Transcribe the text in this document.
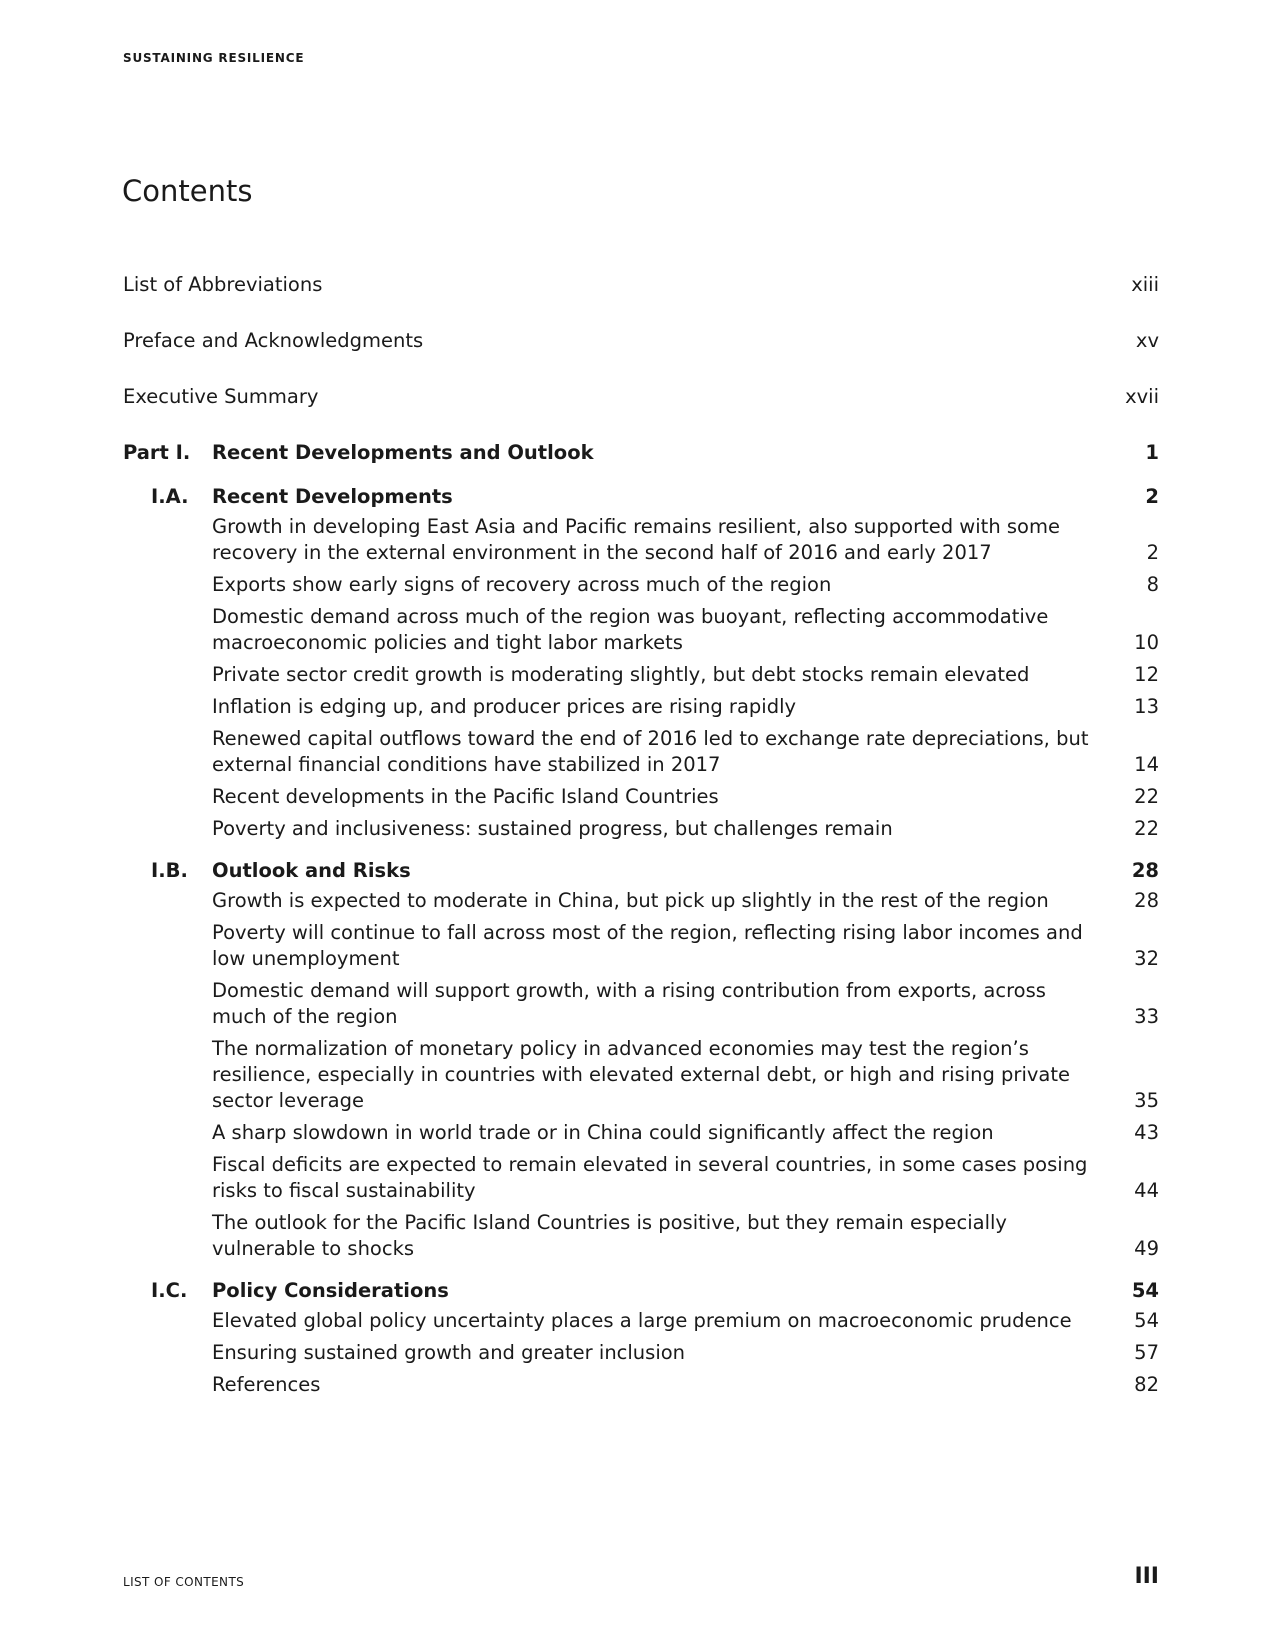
SUSTAINING RESILIENCE
Contents
List of Abbreviations	xiii
Preface and Acknowledgments	xv
Executive Summary	xvii
Part I. Recent Developments and Outlook	1
I.A. Recent Developments	2
Growth in developing East Asia and Pacific remains resilient, also supported with some recovery in the external environment in the second half of 2016 and early 2017	2
Exports show early signs of recovery across much of the region	8
Domestic demand across much of the region was buoyant, reflecting accommodative macroeconomic policies and tight labor markets	10
Private sector credit growth is moderating slightly, but debt stocks remain elevated	12
Inflation is edging up, and producer prices are rising rapidly	13
Renewed capital outflows toward the end of 2016 led to exchange rate depreciations, but external financial conditions have stabilized in 2017	14
Recent developments in the Pacific Island Countries	22
Poverty and inclusiveness: sustained progress, but challenges remain	22
I.B. Outlook and Risks	28
Growth is expected to moderate in China, but pick up slightly in the rest of the region	28
Poverty will continue to fall across most of the region, reflecting rising labor incomes and low unemployment	32
Domestic demand will support growth, with a rising contribution from exports, across much of the region	33
The normalization of monetary policy in advanced economies may test the region’s resilience, especially in countries with elevated external debt, or high and rising private sector leverage	35
A sharp slowdown in world trade or in China could significantly affect the region	43
Fiscal deficits are expected to remain elevated in several countries, in some cases posing risks to fiscal sustainability	44
The outlook for the Pacific Island Countries is positive, but they remain especially vulnerable to shocks	49
I.C. Policy Considerations	54
Elevated global policy uncertainty places a large premium on macroeconomic prudence	54
Ensuring sustained growth and greater inclusion	57
References	82
LIST OF CONTENTS	III
